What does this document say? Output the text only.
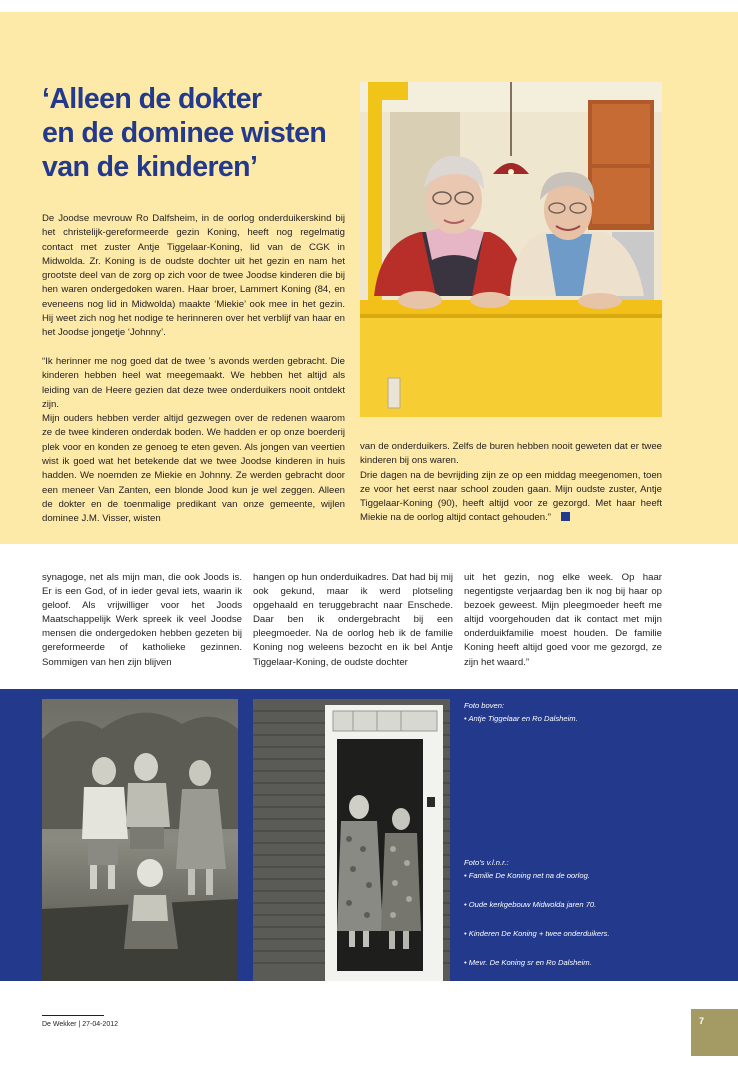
‘Alleen de dokter
en de dominee wisten
van de kinderen’

De Joodse mevrouw Ro Dalfsheim, in de oorlog onderduikerskind bij het christelijk-gereformeerde gezin Koning, heeft nog regelmatig contact met zuster Antje Tiggelaar-Koning, lid van de CGK in Midwolda. Zr. Koning is de oudste dochter uit het gezin en nam het grootste deel van de zorg op zich voor de twee Joodse kinderen die bij hen waren ondergedoken waren. Haar broer, Lammert Koning (84, en eveneens nog lid in Midwolda) maakte ‘Miekie’ ook mee in het gezin. Hij weet zich nog het nodige te herinneren over het verblijf van haar en het Joodse jongetje ‘Johnny’.

“Ik herinner me nog goed dat de twee ’s avonds werden gebracht. Die kinderen hebben heel wat meegemaakt. We hebben het altijd als leiding van de Heere gezien dat deze twee onderduikers nooit ontdekt zijn.

Mijn ouders hebben verder altijd gezwegen over de redenen waarom ze de twee kinderen onderdak boden. We hadden er op onze boerderij plek voor en konden ze genoeg te eten geven. Als jongen van veertien wist ik goed wat het betekende dat we twee Joodse kinderen in huis hadden. We noemden ze Miekie en Johnny. Ze werden gebracht door een meneer Van Zanten, een blonde Jood kun je wel zeggen. Alleen de dokter en de toenmalige predikant van onze gemeente, wijlen dominee J.M. Visser, wisten

van de onderduikers. Zelfs de buren hebben nooit geweten dat er twee kinderen bij ons waren.

Drie dagen na de bevrijding zijn ze op een middag meegenomen, toen ze voor het eerst naar school zouden gaan. Mijn oudste zuster, Antje Tiggelaar-Koning (90), heeft altijd voor ze gezorgd. Met haar heeft Miekie na de oorlog altijd contact gehouden.”

synagoge, net als mijn man, die ook Joods is. Er is een God, of in ieder geval iets, waarin ik geloof. Als vrijwilliger voor het Joods Maatschappelijk Werk spreek ik veel Joodse mensen die ondergedoken hebben gezeten bij gereformeerde of katholieke gezinnen. Sommigen van hen zijn blijven
hangen op hun onderduikadres. Dat had bij mij ook gekund, maar ik werd plotseling opgehaald en teruggebracht naar Enschede. Daar ben ik ondergebracht bij een pleegmoeder. Na de oorlog heb ik de familie Koning nog weleens bezocht en ik bel Antje Tiggelaar-Koning, de oudste dochter
uit het gezin, nog elke week. Op haar negentigste verjaardag ben ik nog bij haar op bezoek geweest. Mijn pleegmoeder heeft me altijd voorgehouden dat ik contact met mijn onderduikfamilie moest houden. De familie Koning heeft altijd goed voor me gezorgd, ze zijn het waard.”
Foto boven:
• Antje Tiggelaar en Ro Dalsheim.
Foto’s v.l.n.r.:
• Familie De Koning net na de oorlog.
• Oude kerkgebouw Midwolda jaren 70.
• Kinderen De Koning + twee onderduikers.
• Mevr. De Koning sr en Ro Dalsheim.
De Wekker | 27-04-2012	7
